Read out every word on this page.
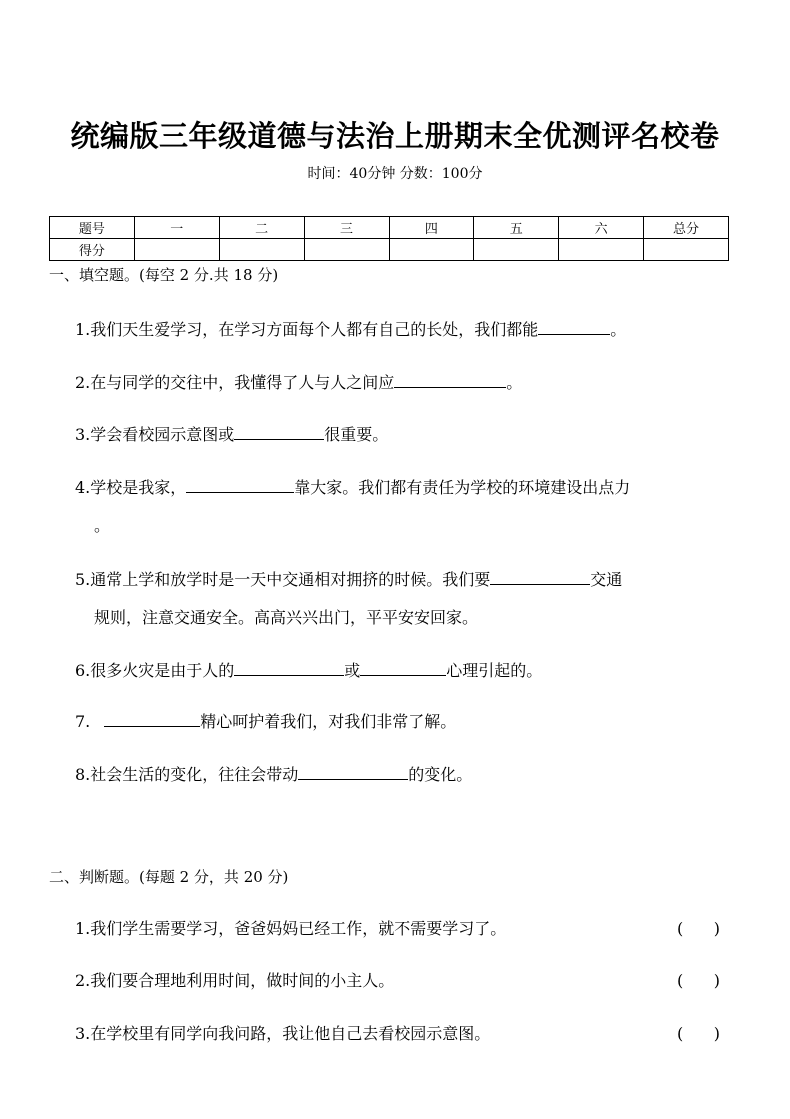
统编版三年级道德与法治上册期末全优测评名校卷
时间：40分钟 分数：100分
题号	一	二	三	四	五	六	总分
得分							
一、填空题。(每空 2 分.共 18 分)
1.我们天生爱学习，在学习方面每个人都有自己的长处，我们都能	。
2.在与同学的交往中，我懂得了人与人之间应	。
3.学会看校园示意图或	很重要。
4.学校是我家，	靠大家。我们都有责任为学校的环境建设出点力
。
5.通常上学和放学时是一天中交通相对拥挤的时候。我们要	交通
规则，注意交通安全。高高兴兴出门，平平安安回家。
6.很多火灾是由于人的	或	心理引起的。
7.	精心呵护着我们，对我们非常了解。
8.社会生活的变化，往往会带动	的变化。
二、判断题。(每题 2 分，共 20 分)
1.我们学生需要学习，爸爸妈妈已经工作，就不需要学习了。	(      )
2.我们要合理地利用时间，做时间的小主人。	(      )
3.在学校里有同学向我问路，我让他自己去看校园示意图。	(      )
